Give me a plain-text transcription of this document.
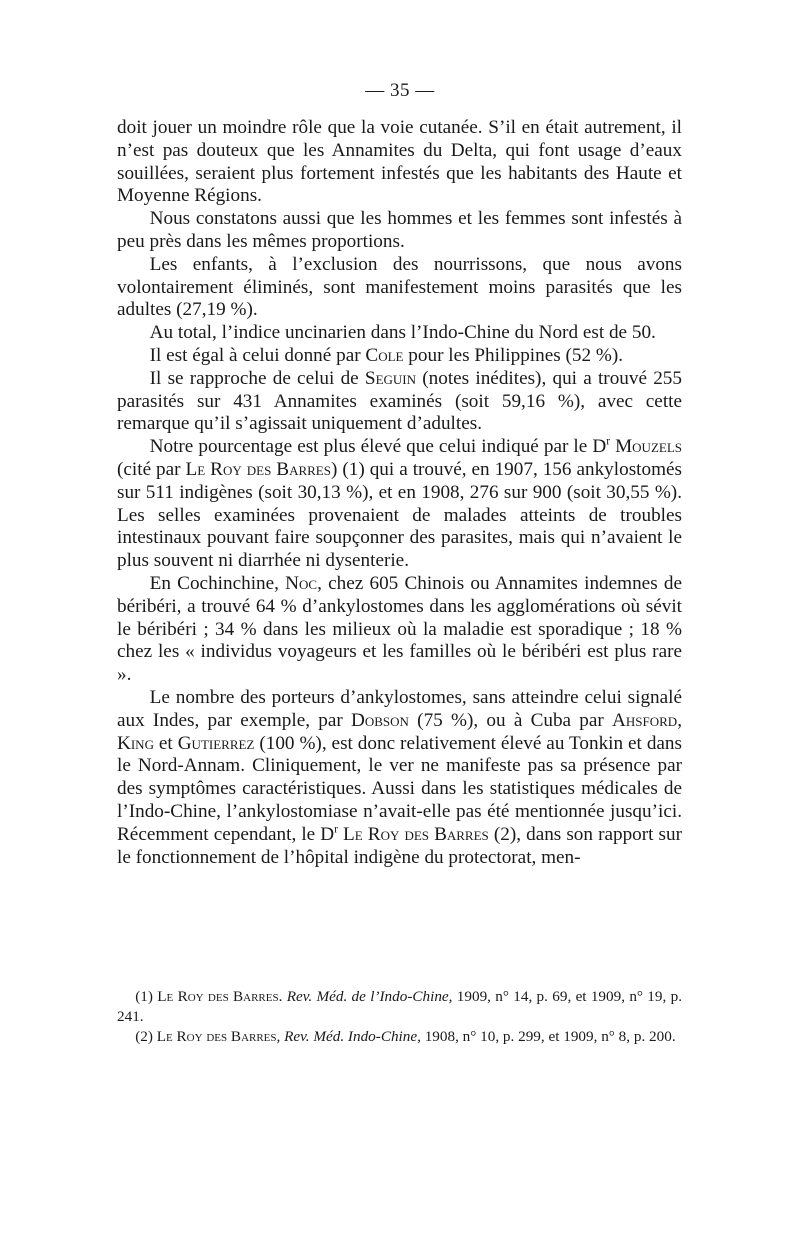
— 35 —

doit jouer un moindre rôle que la voie cutanée. S’il en était autrement, il n’est pas douteux que les Annamites du Delta, qui font usage d’eaux souillées, seraient plus fortement infestés que les habitants des Haute et Moyenne Régions.

Nous constatons aussi que les hommes et les femmes sont infestés à peu près dans les mêmes proportions.

Les enfants, à l’exclusion des nourrissons, que nous avons volontairement éliminés, sont manifestement moins parasités que les adultes (27,19 %).

Au total, l’indice uncinarien dans l’Indo-Chine du Nord est de 50.

Il est égal à celui donné par Cole pour les Philippines (52 %).

Il se rapproche de celui de Seguin (notes inédites), qui a trouvé 255 parasités sur 431 Annamites examinés (soit 59,16 %), avec cette remarque qu’il s’agissait uniquement d’adultes.

Notre pourcentage est plus élevé que celui indiqué par le $D^r$ Mouzels (cité par Le Roy des Barres) (1) qui a trouvé, en 1907, 156 ankylostomés sur 511 indigènes (soit 30,13 %), et en 1908, 276 sur 900 (soit 30,55 %). Les selles examinées provenaient de malades atteints de troubles intestinaux pouvant faire soupçonner des parasites, mais qui n’avaient le plus souvent ni diarrhée ni dysenterie.

En Cochinchine, Noc, chez 605 Chinois ou Annamites indemnes de béribéri, a trouvé 64 % d’ankylostomes dans les agglomérations où sévit le béribéri ; 34 % dans les milieux où la maladie est sporadique ; 18 % chez les « individus voyageurs et les familles où le béribéri est plus rare ».

Le nombre des porteurs d’ankylostomes, sans atteindre celui signalé aux Indes, par exemple, par Dobson (75 %), ou à Cuba par Ahsford, King et Gutierrez (100 %), est donc relativement élevé au Tonkin et dans le Nord-Annam. Cliniquement, le ver ne manifeste pas sa présence par des symptômes caractéristiques. Aussi dans les statistiques médicales de l’Indo-Chine, l’ankylostomiase n’avait-elle pas été mentionnée jusqu’ici. Récemment cependant, le $D^r$ Le Roy des Barres (2), dans son rapport sur le fonctionnement de l’hôpital indigène du protectorat, men-

(1) Le Roy des Barres. Rev. Méd. de l’Indo-Chine, 1909, n° 14, p. 69, et 1909, n° 19, p. 241.

(2) Le Roy des Barres, Rev. Méd. Indo-Chine, 1908, n° 10, p. 299, et 1909, n° 8, p. 200.
